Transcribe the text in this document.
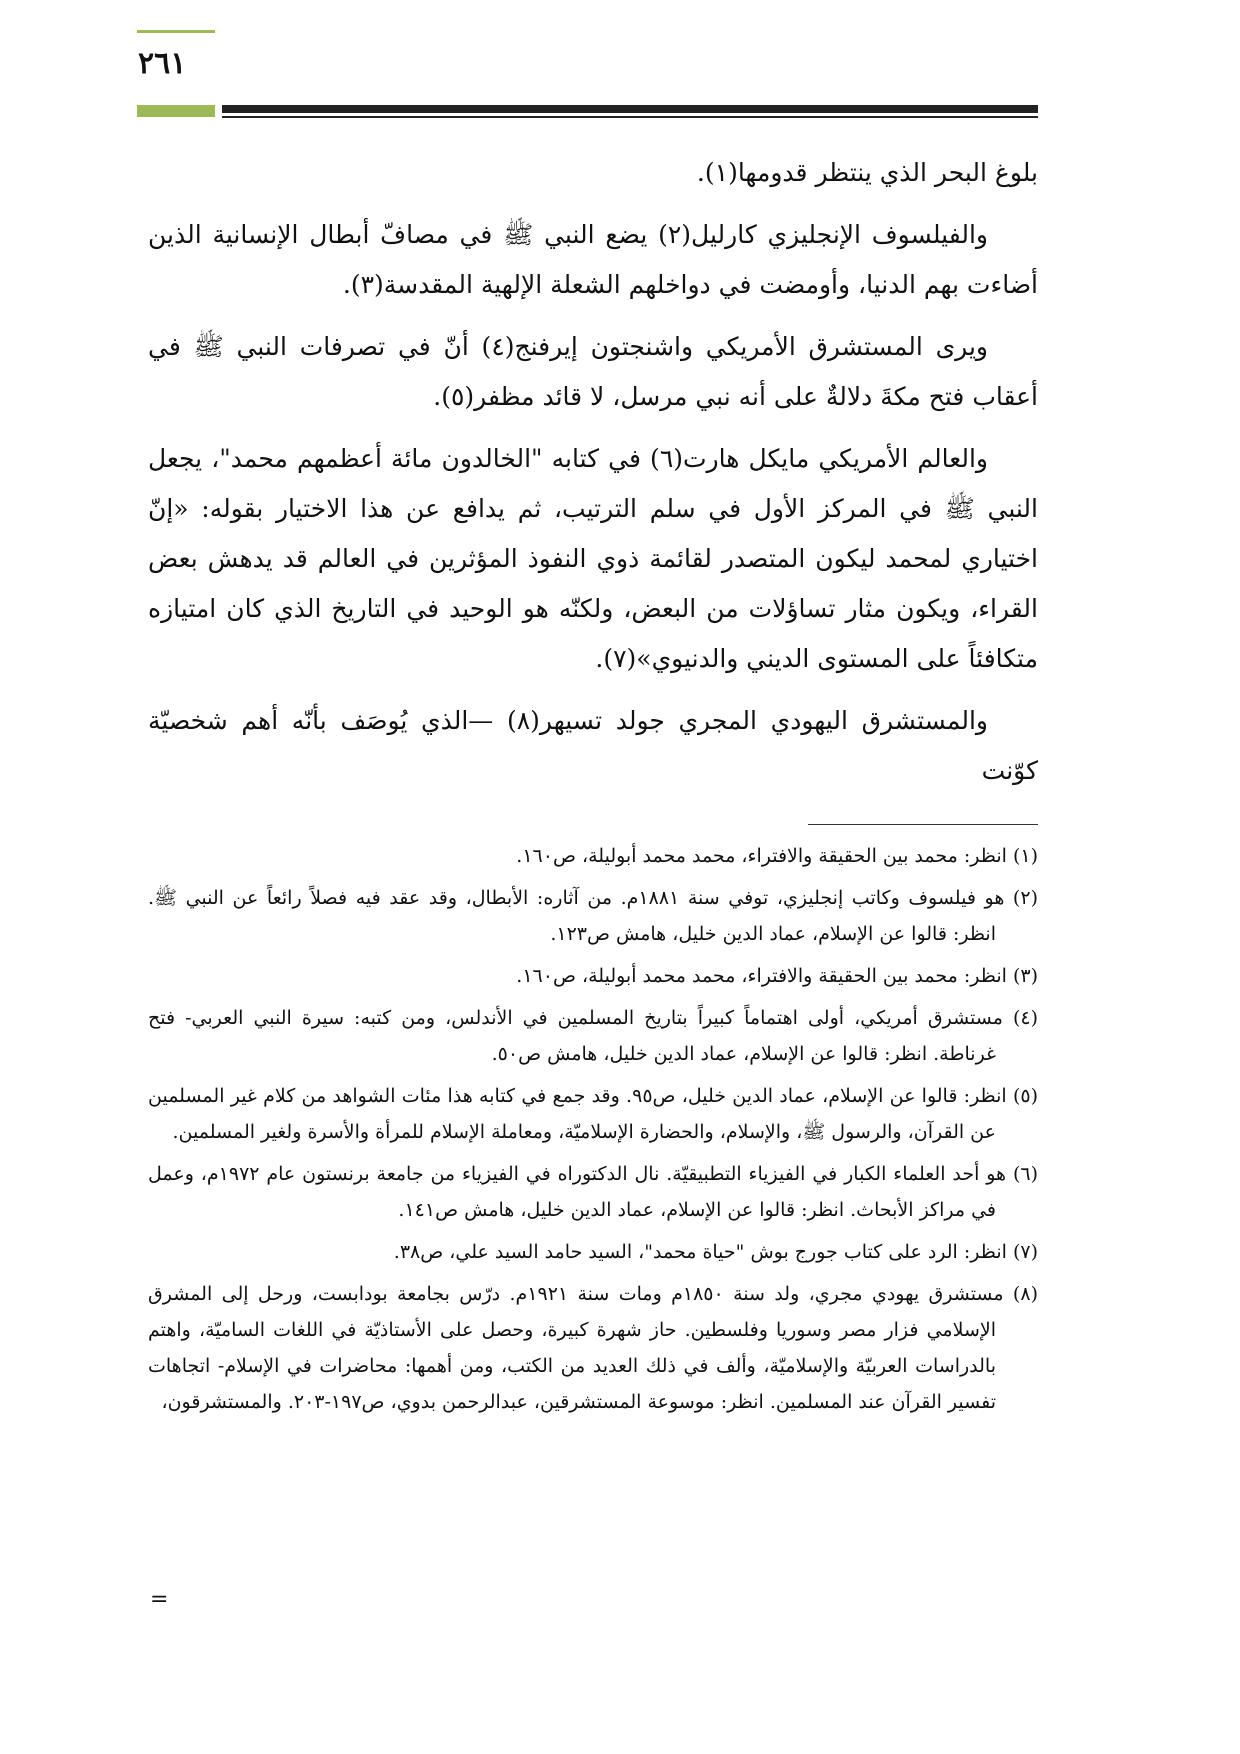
٢٦١

بلوغ البحر الذي ينتظر قدومها(١).

والفيلسوف الإنجليزي كارليل(٢) يضع النبي ﷺ في مصافّ أبطال الإنسانية الذين أضاءت بهم الدنيا، وأومضت في دواخلهم الشعلة الإلهية المقدسة(٣).

ويرى المستشرق الأمريكي واشنجتون إيرفنج(٤) أنّ في تصرفات النبي ﷺ في أعقاب فتح مكةَ دلالةٌ على أنه نبي مرسل، لا قائد مظفر(٥).

والعالم الأمريكي مايكل هارت(٦) في كتابه "الخالدون مائة أعظمهم محمد"، يجعل النبي ﷺ في المركز الأول في سلم الترتيب، ثم يدافع عن هذا الاختيار بقوله: «إنّ اختياري لمحمد ليكون المتصدر لقائمة ذوي النفوذ المؤثرين في العالم قد يدهش بعض القراء، ويكون مثار تساؤلات من البعض، ولكنّه هو الوحيد في التاريخ الذي كان امتيازه متكافئاً على المستوى الديني والدنيوي»(٧).

والمستشرق اليهودي المجري جولد تسيهر(٨) —الذي يُوصَف بأنّه أهم شخصيّة كوّنت

(١) انظر: محمد بين الحقيقة والافتراء، محمد محمد أبوليلة، ص١٦٠.

(٢) هو فيلسوف وكاتب إنجليزي، توفي سنة ١٨٨١م. من آثاره: الأبطال، وقد عقد فيه فصلاً رائعاً عن النبي ﷺ. انظر: قالوا عن الإسلام، عماد الدين خليل، هامش ص١٢٣.

(٣) انظر: محمد بين الحقيقة والافتراء، محمد محمد أبوليلة، ص١٦٠.

(٤) مستشرق أمريكي، أولى اهتماماً كبيراً بتاريخ المسلمين في الأندلس، ومن كتبه: سيرة النبي العربي- فتح غرناطة. انظر: قالوا عن الإسلام، عماد الدين خليل، هامش ص٥٠.

(٥) انظر: قالوا عن الإسلام، عماد الدين خليل، ص٩٥. وقد جمع في كتابه هذا مئات الشواهد من كلام غير المسلمين عن القرآن، والرسول ﷺ، والإسلام، والحضارة الإسلاميّة، ومعاملة الإسلام للمرأة والأسرة ولغير المسلمين.

(٦) هو أحد العلماء الكبار في الفيزياء التطبيقيّة. نال الدكتوراه في الفيزياء من جامعة برنستون عام ١٩٧٢م، وعمل في مراكز الأبحاث. انظر: قالوا عن الإسلام، عماد الدين خليل، هامش ص١٤١.

(٧) انظر: الرد على كتاب جورج بوش "حياة محمد"، السيد حامد السيد علي، ص٣٨.

(٨) مستشرق يهودي مجري، ولد سنة ١٨٥٠م ومات سنة ١٩٢١م. درّس بجامعة بودابست، ورحل إلى المشرق الإسلامي فزار مصر وسوريا وفلسطين. حاز شهرة كبيرة، وحصل على الأستاذيّة في اللغات الساميّة، واهتم بالدراسات العربيّة والإسلاميّة، وألف في ذلك العديد من الكتب، ومن أهمها: محاضرات في الإسلام- اتجاهات تفسير القرآن عند المسلمين. انظر: موسوعة المستشرقين، عبدالرحمن بدوي، ص١٩٧-٢٠٣. والمستشرقون،

=
